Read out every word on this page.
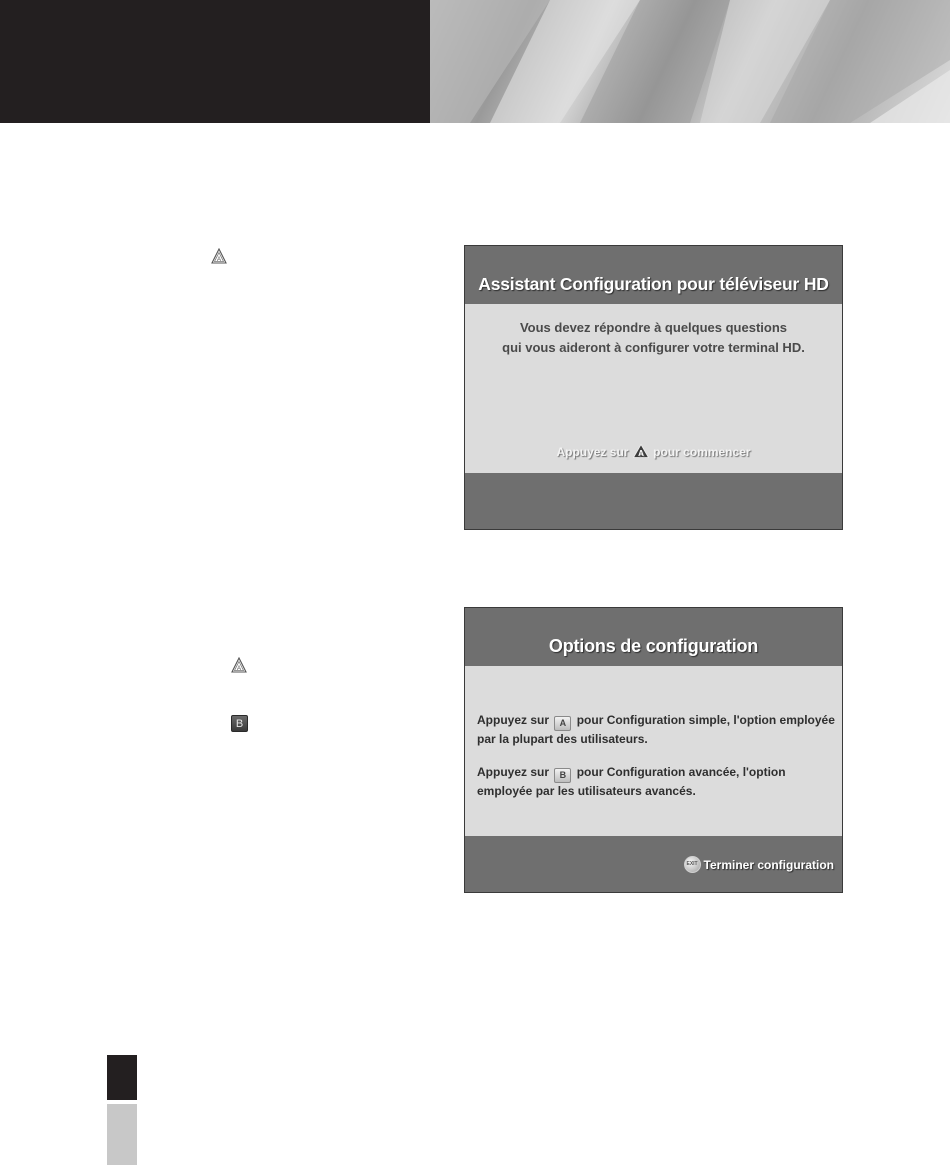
A
A
B
Assistant Configuration pour téléviseur HD
Vous devez répondre à quelques questions
qui vous aideront à configurer votre terminal HD.
Appuyez sur A pour commencer
Options de configuration
Appuyez sur A pour Configuration simple, l'option employée par la plupart des utilisateurs.
Appuyez sur B pour Configuration avancée, l'option employée par les utilisateurs avancés.
EXIT Terminer configuration
